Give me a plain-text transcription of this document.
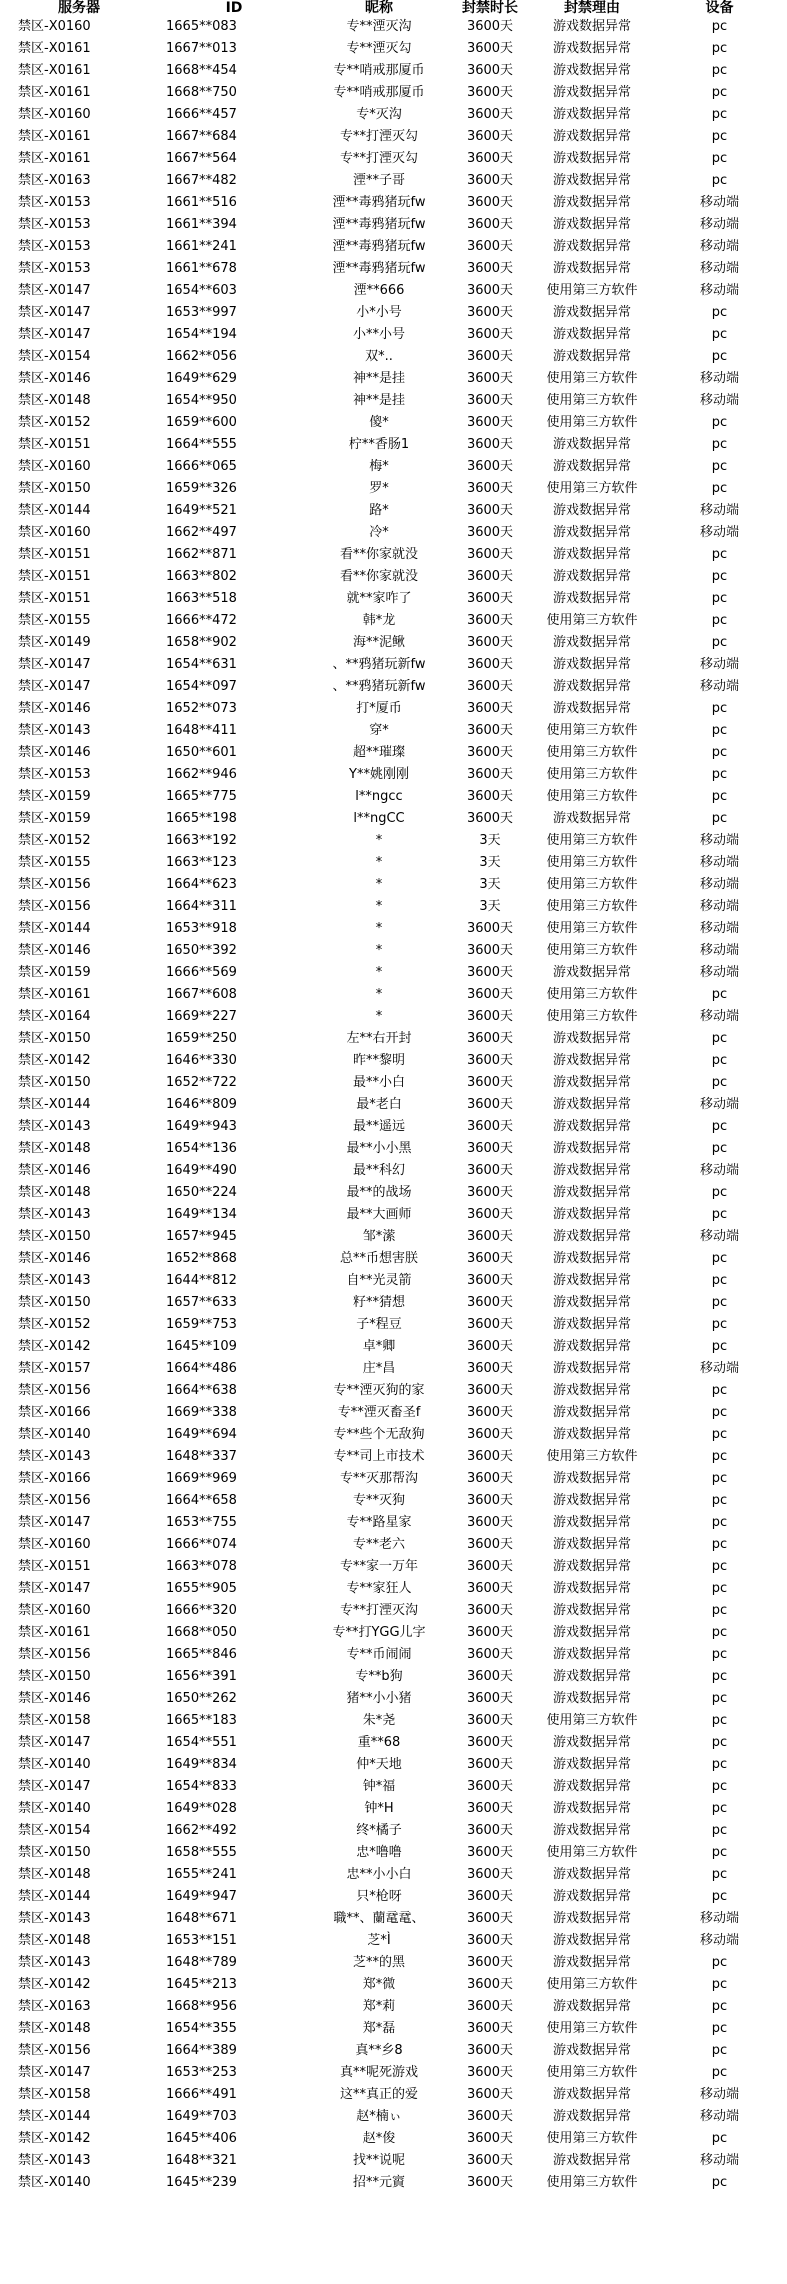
服务器	ID	昵称	封禁时长	封禁理由	设备
禁区-X0160	1665**083	专**湮灭沟	3600天	游戏数据异常	pc
禁区-X0161	1667**013	专**湮灭勾	3600天	游戏数据异常	pc
禁区-X0161	1668**454	专**哨戒那厦币	3600天	游戏数据异常	pc
禁区-X0161	1668**750	专**哨戒那厦币	3600天	游戏数据异常	pc
禁区-X0160	1666**457	专*灭沟	3600天	游戏数据异常	pc
禁区-X0161	1667**684	专**打湮灭勾	3600天	游戏数据异常	pc
禁区-X0161	1667**564	专**打湮灭勾	3600天	游戏数据异常	pc
禁区-X0163	1667**482	湮**子哥	3600天	游戏数据异常	pc
禁区-X0153	1661**516	湮**毒鸦猪玩fw	3600天	游戏数据异常	移动端
禁区-X0153	1661**394	湮**毒鸦猪玩fw	3600天	游戏数据异常	移动端
禁区-X0153	1661**241	湮**毒鸦猪玩fw	3600天	游戏数据异常	移动端
禁区-X0153	1661**678	湮**毒鸦猪玩fw	3600天	游戏数据异常	移动端
禁区-X0147	1654**603	湮**666	3600天	使用第三方软件	移动端
禁区-X0147	1653**997	小*小号	3600天	游戏数据异常	pc
禁区-X0147	1654**194	小**小号	3600天	游戏数据异常	pc
禁区-X0154	1662**056	双*..	3600天	游戏数据异常	pc
禁区-X0146	1649**629	神**是挂	3600天	使用第三方软件	移动端
禁区-X0148	1654**950	神**是挂	3600天	使用第三方软件	移动端
禁区-X0152	1659**600	傻*	3600天	使用第三方软件	pc
禁区-X0151	1664**555	柠**香肠1	3600天	游戏数据异常	pc
禁区-X0160	1666**065	梅*	3600天	游戏数据异常	pc
禁区-X0150	1659**326	罗*	3600天	使用第三方软件	pc
禁区-X0144	1649**521	路*	3600天	游戏数据异常	移动端
禁区-X0160	1662**497	冷*	3600天	游戏数据异常	移动端
禁区-X0151	1662**871	看**你家就没	3600天	游戏数据异常	pc
禁区-X0151	1663**802	看**你家就没	3600天	游戏数据异常	pc
禁区-X0151	1663**518	就**家咋了	3600天	游戏数据异常	pc
禁区-X0155	1666**472	韩*龙	3600天	使用第三方软件	pc
禁区-X0149	1658**902	海**泥鳅	3600天	游戏数据异常	pc
禁区-X0147	1654**631	、**鸦猪玩新fw	3600天	游戏数据异常	移动端
禁区-X0147	1654**097	、**鸦猪玩新fw	3600天	游戏数据异常	移动端
禁区-X0146	1652**073	打*厦币	3600天	游戏数据异常	pc
禁区-X0143	1648**411	穿*	3600天	使用第三方软件	pc
禁区-X0146	1650**601	超**璀璨	3600天	使用第三方软件	pc
禁区-X0153	1662**946	Y**姚刚刚	3600天	使用第三方软件	pc
禁区-X0159	1665**775	l**ngcc	3600天	使用第三方软件	pc
禁区-X0159	1665**198	l**ngCC	3600天	游戏数据异常	pc
禁区-X0152	1663**192	*	3天	使用第三方软件	移动端
禁区-X0155	1663**123	*	3天	使用第三方软件	移动端
禁区-X0156	1664**623	*	3天	使用第三方软件	移动端
禁区-X0156	1664**311	*	3天	使用第三方软件	移动端
禁区-X0144	1653**918	*	3600天	使用第三方软件	移动端
禁区-X0146	1650**392	*	3600天	使用第三方软件	移动端
禁区-X0159	1666**569	*	3600天	游戏数据异常	移动端
禁区-X0161	1667**608	*	3600天	使用第三方软件	pc
禁区-X0164	1669**227	*	3600天	使用第三方软件	移动端
禁区-X0150	1659**250	左**右开封	3600天	游戏数据异常	pc
禁区-X0142	1646**330	昨**黎明	3600天	游戏数据异常	pc
禁区-X0150	1652**722	最**小白	3600天	游戏数据异常	pc
禁区-X0144	1646**809	最*老白	3600天	游戏数据异常	移动端
禁区-X0143	1649**943	最**遥远	3600天	游戏数据异常	pc
禁区-X0148	1654**136	最**小小黑	3600天	游戏数据异常	pc
禁区-X0146	1649**490	最**科幻	3600天	游戏数据异常	移动端
禁区-X0148	1650**224	最**的战场	3600天	游戏数据异常	pc
禁区-X0143	1649**134	最**大画师	3600天	游戏数据异常	pc
禁区-X0150	1657**945	邹*潆	3600天	游戏数据异常	移动端
禁区-X0146	1652**868	总**币想害朕	3600天	游戏数据异常	pc
禁区-X0143	1644**812	自**光灵箭	3600天	游戏数据异常	pc
禁区-X0150	1657**633	籽**猜想	3600天	游戏数据异常	pc
禁区-X0152	1659**753	子*程豆	3600天	游戏数据异常	pc
禁区-X0142	1645**109	卓*卿	3600天	游戏数据异常	pc
禁区-X0157	1664**486	庄*昌	3600天	游戏数据异常	移动端
禁区-X0156	1664**638	专**湮灭狗的家	3600天	游戏数据异常	pc
禁区-X0166	1669**338	专**湮灭畜圣f	3600天	游戏数据异常	pc
禁区-X0140	1649**694	专**些个无敌狗	3600天	游戏数据异常	pc
禁区-X0143	1648**337	专**司上市技术	3600天	使用第三方软件	pc
禁区-X0166	1669**969	专**灭那帮沟	3600天	游戏数据异常	pc
禁区-X0156	1664**658	专**灭狗	3600天	游戏数据异常	pc
禁区-X0147	1653**755	专**路星家	3600天	游戏数据异常	pc
禁区-X0160	1666**074	专**老六	3600天	游戏数据异常	pc
禁区-X0151	1663**078	专**家一万年	3600天	游戏数据异常	pc
禁区-X0147	1655**905	专**家狂人	3600天	游戏数据异常	pc
禁区-X0160	1666**320	专**打湮灭沟	3600天	游戏数据异常	pc
禁区-X0161	1668**050	专**打YGG儿字	3600天	游戏数据异常	pc
禁区-X0156	1665**846	专**币闹闹	3600天	游戏数据异常	pc
禁区-X0150	1656**391	专**b狗	3600天	游戏数据异常	pc
禁区-X0146	1650**262	猪**小小猪	3600天	游戏数据异常	pc
禁区-X0158	1665**183	朱*尧	3600天	使用第三方软件	pc
禁区-X0147	1654**551	重**68	3600天	游戏数据异常	pc
禁区-X0140	1649**834	仲*天地	3600天	游戏数据异常	pc
禁区-X0147	1654**833	钟*福	3600天	游戏数据异常	pc
禁区-X0140	1649**028	钟*H	3600天	游戏数据异常	pc
禁区-X0154	1662**492	终*橘子	3600天	游戏数据异常	pc
禁区-X0150	1658**555	忠*噜噜	3600天	使用第三方软件	pc
禁区-X0148	1655**241	忠**小小白	3600天	游戏数据异常	pc
禁区-X0144	1649**947	只*枪呀	3600天	游戏数据异常	pc
禁区-X0143	1648**671	職**、蘭鼋鼋、	3600天	游戏数据异常	移动端
禁区-X0148	1653**151	芝*Ì	3600天	游戏数据异常	移动端
禁区-X0143	1648**789	芝**的黑	3600天	游戏数据异常	pc
禁区-X0142	1645**213	郑*微	3600天	使用第三方软件	pc
禁区-X0163	1668**956	郑*莉	3600天	游戏数据异常	pc
禁区-X0148	1654**355	郑*磊	3600天	使用第三方软件	pc
禁区-X0156	1664**389	真**乡8	3600天	游戏数据异常	pc
禁区-X0147	1653**253	真**呢死游戏	3600天	使用第三方软件	pc
禁区-X0158	1666**491	这**真正的爱	3600天	游戏数据异常	移动端
禁区-X0144	1649**703	赵*楠ぃ	3600天	游戏数据异常	移动端
禁区-X0142	1645**406	赵*俊	3600天	使用第三方软件	pc
禁区-X0143	1648**321	找**说呢	3600天	游戏数据异常	移动端
禁区-X0140	1645**239	招**元賨	3600天	使用第三方软件	pc
